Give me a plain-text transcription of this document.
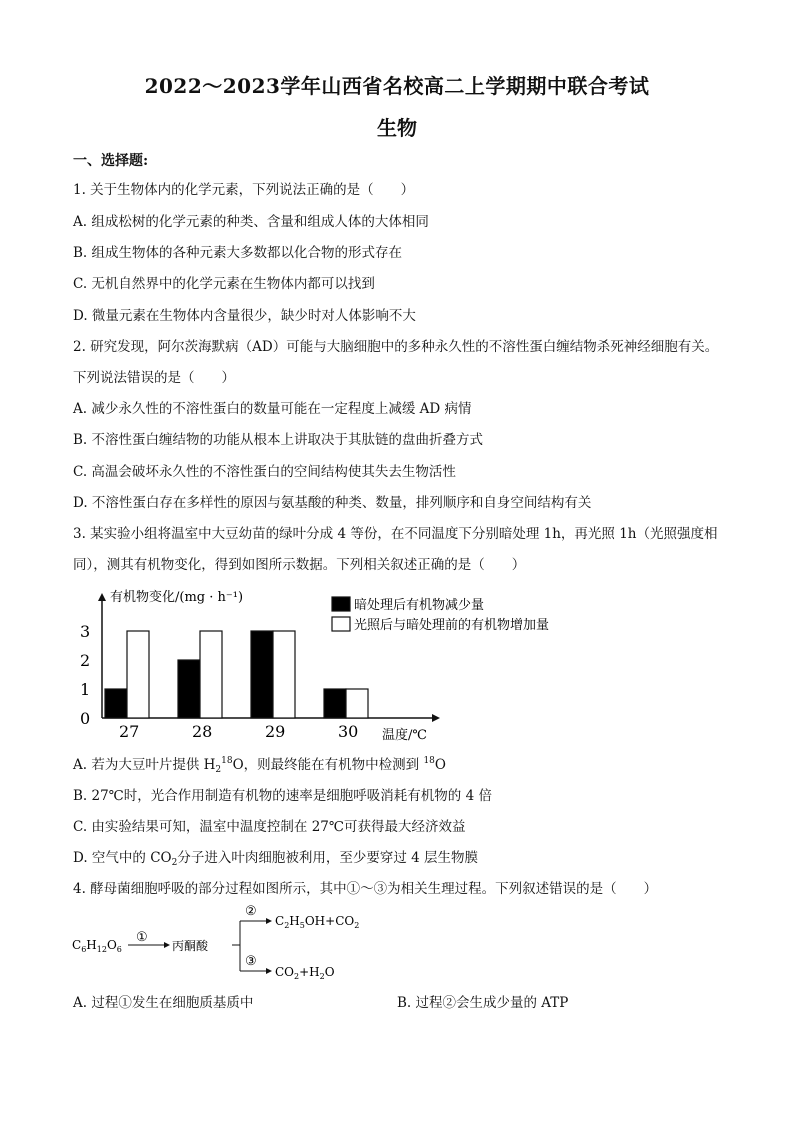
2022～2023学年山西省名校高二上学期期中联合考试
生物
一、选择题:
1. 关于生物体内的化学元素，下列说法正确的是（　　）
A. 组成松树的化学元素的种类、含量和组成人体的大体相同
B. 组成生物体的各种元素大多数都以化合物的形式存在
C. 无机自然界中的化学元素在生物体内都可以找到
D. 微量元素在生物体内含量很少，缺少时对人体影响不大
2. 研究发现，阿尔茨海默病（AD）可能与大脑细胞中的多种永久性的不溶性蛋白缠结物杀死神经细胞有关。
下列说法错误的是（　　）
A. 减少永久性的不溶性蛋白的数量可能在一定程度上减缓 AD 病情
B. 不溶性蛋白缠结物的功能从根本上讲取决于其肽链的盘曲折叠方式
C. 高温会破坏永久性的不溶性蛋白的空间结构使其失去生物活性
D. 不溶性蛋白存在多样性的原因与氨基酸的种类、数量，排列顺序和自身空间结构有关
3. 某实验小组将温室中大豆幼苗的绿叶分成 4 等份，在不同温度下分别暗处理 1h，再光照 1h（光照强度相
同），测其有机物变化，得到如图所示数据。下列相关叙述正确的是（　　）
有机物变化/(mg · h⁻¹)
0
1
2
3
27	28	29	30
暗处理后有机物减少量
光照后与暗处理前的有机物增加量
温度/℃
A. 若为大豆叶片提供 $H_2^{18}O$，则最终能在有机物中检测到 $^{18}$O
B. 27℃时，光合作用制造有机物的速率是细胞呼吸消耗有机物的 4 倍
C. 由实验结果可知，温室中温度控制在 27℃可获得最大经济效益
D. 空气中的 $CO_2$分子进入叶肉细胞被利用，至少要穿过 4 层生物膜
4. 酵母菌细胞呼吸的部分过程如图所示，其中①～③为相关生理过程。下列叙述错误的是（　　）
$C_6H_{12}O_6$
①
丙酮酸
②
③
$C_2H_5OH+CO_2$
$CO_2+H_2O$
A. 过程①发生在细胞质基质中	B. 过程②会生成少量的 ATP
